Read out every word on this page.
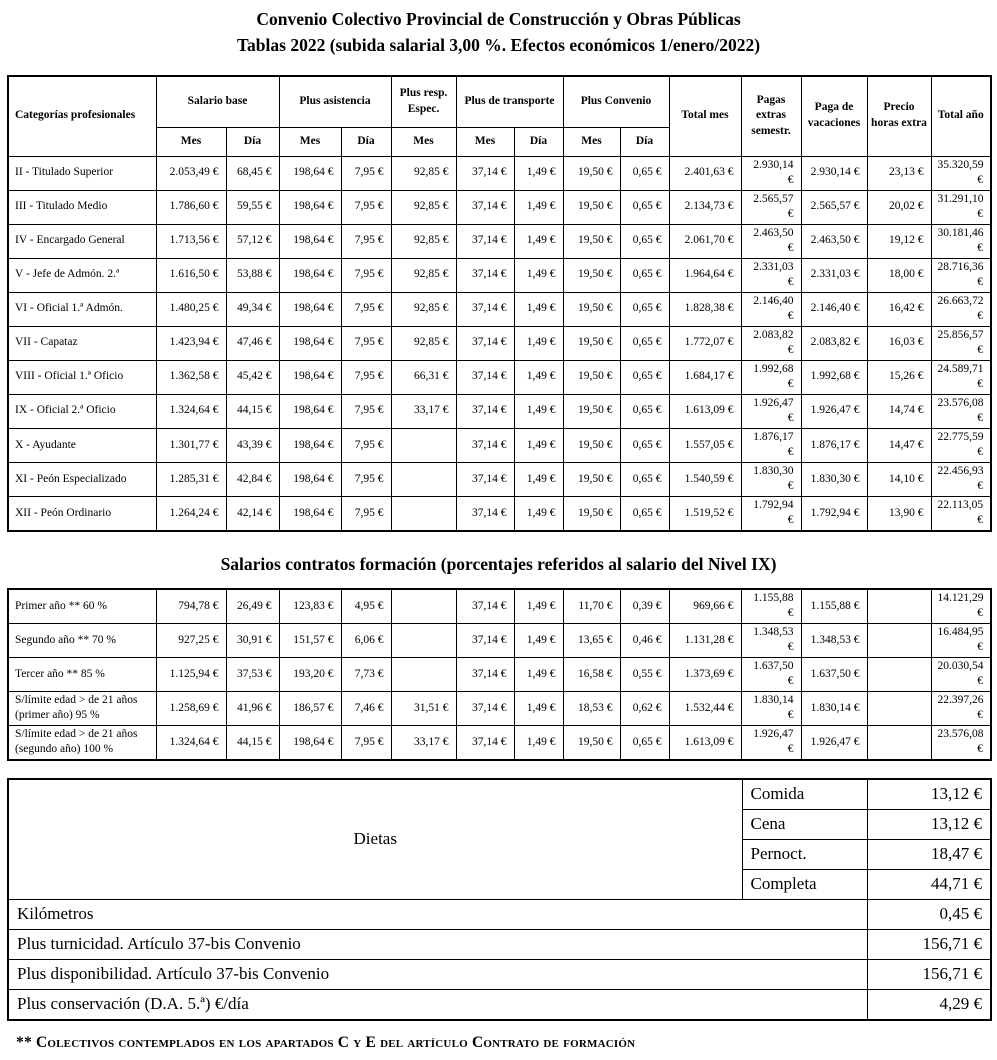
Convenio Colectivo Provincial de Construcción y Obras Públicas
Tablas 2022 (subida salarial 3,00 %. Efectos económicos 1/enero/2022)
Categorías profesionales	Salario base		Plus asistencia		Plus resp. Espec.	Plus de transporte		Plus Convenio		Total mes	Pagas extras semestr.	Paga de vacaciones	Precio horas extra	Total año
	Mes	Día	Mes	Día	Mes	Mes	Día	Mes	Día					
II - Titulado Superior	2.053,49 €	68,45 €	198,64 €	7,95 €	92,85 €	37,14 €	1,49 €	19,50 €	0,65 €	2.401,63 €	2.930,14 €	2.930,14 €	23,13 €	35.320,59 €
III - Titulado Medio	1.786,60 €	59,55 €	198,64 €	7,95 €	92,85 €	37,14 €	1,49 €	19,50 €	0,65 €	2.134,73 €	2.565,57 €	2.565,57 €	20,02 €	31.291,10 €
IV - Encargado General	1.713,56 €	57,12 €	198,64 €	7,95 €	92,85 €	37,14 €	1,49 €	19,50 €	0,65 €	2.061,70 €	2.463,50 €	2.463,50 €	19,12 €	30.181,46 €
V - Jefe de Admón. 2.ª	1.616,50 €	53,88 €	198,64 €	7,95 €	92,85 €	37,14 €	1,49 €	19,50 €	0,65 €	1.964,64 €	2.331,03 €	2.331,03 €	18,00 €	28.716,36 €
VI - Oficial 1.ª Admón.	1.480,25 €	49,34 €	198,64 €	7,95 €	92,85 €	37,14 €	1,49 €	19,50 €	0,65 €	1.828,38 €	2.146,40 €	2.146,40 €	16,42 €	26.663,72 €
VII - Capataz	1.423,94 €	47,46 €	198,64 €	7,95 €	92,85 €	37,14 €	1,49 €	19,50 €	0,65 €	1.772,07 €	2.083,82 €	2.083,82 €	16,03 €	25.856,57 €
VIII - Oficial 1.ª Oficio	1.362,58 €	45,42 €	198,64 €	7,95 €	66,31 €	37,14 €	1,49 €	19,50 €	0,65 €	1.684,17 €	1.992,68 €	1.992,68 €	15,26 €	24.589,71 €
IX - Oficial 2.ª Oficio	1.324,64 €	44,15 €	198,64 €	7,95 €	33,17 €	37,14 €	1,49 €	19,50 €	0,65 €	1.613,09 €	1.926,47 €	1.926,47 €	14,74 €	23.576,08 €
X - Ayudante	1.301,77 €	43,39 €	198,64 €	7,95 €		37,14 €	1,49 €	19,50 €	0,65 €	1.557,05 €	1.876,17 €	1.876,17 €	14,47 €	22.775,59 €
XI - Peón Especializado	1.285,31 €	42,84 €	198,64 €	7,95 €		37,14 €	1,49 €	19,50 €	0,65 €	1.540,59 €	1.830,30 €	1.830,30 €	14,10 €	22.456,93 €
XII - Peón Ordinario	1.264,24 €	42,14 €	198,64 €	7,95 €		37,14 €	1,49 €	19,50 €	0,65 €	1.519,52 €	1.792,94 €	1.792,94 €	13,90 €	22.113,05 €
Salarios contratos formación (porcentajes referidos al salario del Nivel IX)
Primer año ** 60 %	794,78 €	26,49 €	123,83 €	4,95 €		37,14 €	1,49 €	11,70 €	0,39 €	969,66 €	1.155,88 €	1.155,88 €		14.121,29 €

Segundo año ** 70 %	927,25 €	30,91 €	151,57 €	6,06 €		37,14 €	1,49 €	13,65 €	0,46 €	1.131,28 €	1.348,53 €	1.348,53 €		16.484,95 €

Tercer año ** 85 %	1.125,94 €	37,53 €	193,20 €	7,73 €		37,14 €	1,49 €	16,58 €	0,55 €	1.373,69 €	1.637,50 €	1.637,50 €		20.030,54 €

S/límite edad > de 21 años
(primer año) 95 %	1.258,69 €	41,96 €	186,57 €	7,46 €	31,51 €	37,14 €	1,49 €	18,53 €	0,62 €	1.532,44 €	1.830,14 €	1.830,14 €		22.397,26 €

S/límite edad > de 21 años
(segundo año) 100 %	1.324,64 €	44,15 €	198,64 €	7,95 €	33,17 €	37,14 €	1,49 €	19,50 €	0,65 €	1.613,09 €	1.926,47 €	1.926,47 €		23.576,08 €
Dietas	Comida	13,12 €
	Cena	13,12 €
	Pernoct.	18,47 €
	Completa	44,71 €
Kilómetros		0,45 €
Plus turnicidad. Artículo 37-bis Convenio		156,71 €
Plus disponibilidad. Artículo 37-bis Convenio		156,71 €
Plus conservación (D.A. 5.ª) €/día		4,29 €
** Colectivos contemplados en los apartados C y E del artículo Contrato de formación
